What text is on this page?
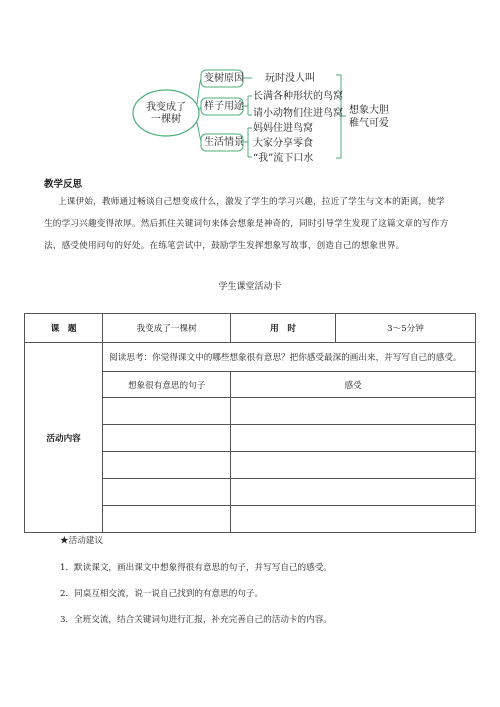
我变成了
一棵树
变树原因
样子用途
生活情景
玩时没人叫
长满各种形状的鸟窝
请小动物们住进鸟窝
妈妈住进鸟窝
大家分享零食
“我”流下口水
想象大胆
稚气可爱
教学反思
上课伊始，教师通过畅谈自己想变成什么，激发了学生的学习兴趣，拉近了学生与文本的距离，使学
生的学习兴趣变得浓厚。然后抓住关键词句来体会想象是神奇的，同时引导学生发现了这篇文章的写作方
法，感受使用问句的好处。在练笔尝试中，鼓励学生发挥想象写故事，创造自己的想象世界。
学生课堂活动卡
课　题	我变成了一棵树	用　时	3～5分钟
活动内容	阅读思考：你觉得课文中的哪些想象很有意思？把你感受最深的画出来，并写写自己的感受。		
	想象很有意思的句子	感受	

★活动建议
1．默读课文，画出课文中想象得很有意思的句子，并写写自己的感受。
2．同桌互相交流，说一说自己找到的有意思的句子。
3．全班交流，结合关键词句进行汇报，补充完善自己的活动卡的内容。
